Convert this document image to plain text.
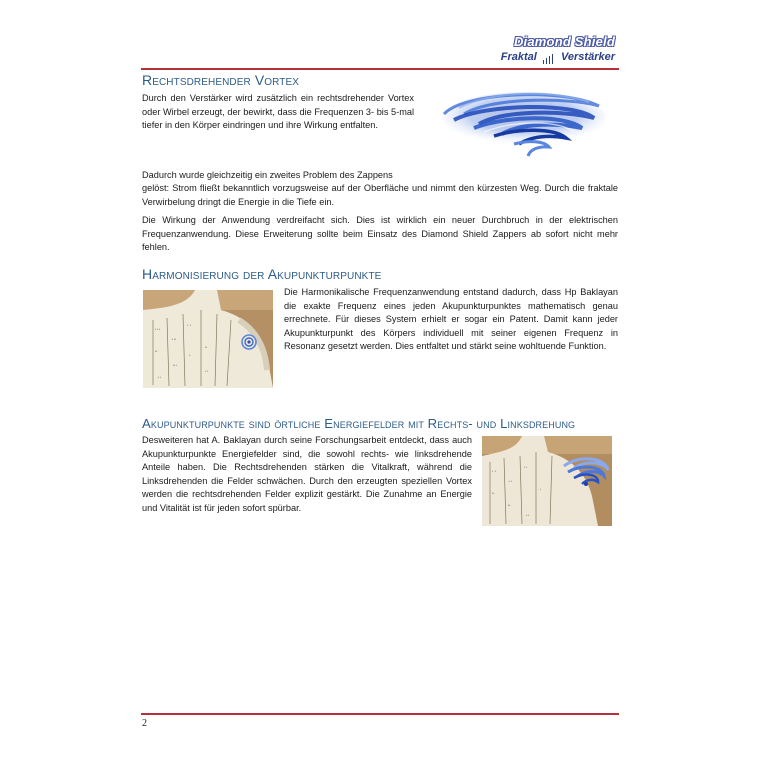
Diamond Shield
Fraktal Verstärker
Rechtsdrehender Vortex

Durch den Verstärker wird zusätzlich ein rechtsdrehender Vortex oder Wirbel erzeugt, der bewirkt, dass die Frequenzen 3- bis 5-mal tiefer in den Körper eindringen und ihre Wirkung entfalten.

Dadurch wurde gleichzeitig ein zweites Problem des Zappens

gelöst: Strom fließt bekanntlich vorzugsweise auf der Oberfläche und nimmt den kürzesten Weg. Durch die fraktale Verwirbelung dringt die Energie in die Tiefe ein.

Die Wirkung der Anwendung verdreifacht sich. Dies ist wirklich ein neuer Durchbruch in der elektrischen Frequenzanwendung. Diese Erweiterung sollte beim Einsatz des Diamond Shield Zappers ab sofort nicht mehr fehlen.

Harmonisierung der Akupunkturpunkte
• •·•
·• ••
•· •
•• ·
· ••
••·•
•·•
·• •
•·

Die Harmonikalische Frequenzanwendung entstand dadurch, dass Hp Baklayan die exakte Frequenz eines jeden Akupunkturpunktes mathematisch genau errechnete. Für dieses System erhielt er sogar ein Patent. Damit kann jeder Akupunkturpunkt des Körpers individuell mit seiner eigenen Frequenz in Resonanz gesetzt werden. Dies entfaltet und stärkt seine wohltuende Funktion.

Akupunkturpunkte sind örtliche Energiefelder mit Rechts- und Linksdrehung

Desweiteren hat A. Baklayan durch seine Forschungsarbeit entdeckt, dass auch Akupunkturpunkte Energiefelder sind, die sowohl rechts- wie linksdrehende Anteile haben. Die Rechtsdrehenden stärken die Vitalkraft, während die Linksdrehenden die Felder schwächen. Durch den erzeugten speziellen Vortex werden die rechtsdrehenden Felder explizit gestärkt. Die Zunahme an Energie und Vitalität ist für jeden sofort spürbar.

• ·•
·• •
•·•
•• ·
· •
••·
•·•
2
